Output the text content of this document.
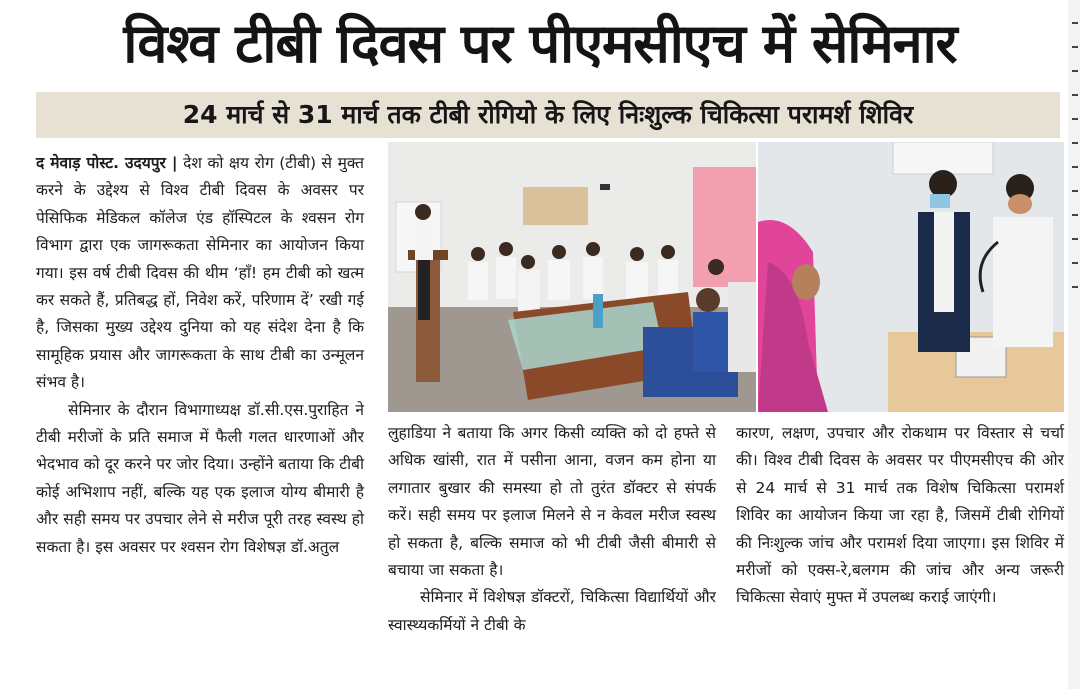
विश्व टीबी दिवस पर पीएमसीएच में सेमिनार
24 मार्च से 31 मार्च तक टीबी रोगियो के लिए निःशुल्क चिकित्सा परामर्श शिविर

द मेवाड़ पोस्ट. उदयपुर | देश को क्षय रोग (टीबी) से मुक्त करने के उद्देश्य से विश्व टीबी दिवस के अवसर पर पेसिफिक मेडिकल कॉलेज एंड हॉस्पिटल के श्वसन रोग विभाग द्वारा एक जागरूकता सेमिनार का आयोजन किया गया। इस वर्ष टीबी दिवस की थीम ‘हाँ! हम टीबी को खत्म कर सकते हैं, प्रतिबद्ध हों, निवेश करें, परिणाम दें’ रखी गई है, जिसका मुख्य उद्देश्य दुनिया को यह संदेश देना है कि सामूहिक प्रयास और जागरूकता के साथ टीबी का उन्मूलन संभव है।

सेमिनार के दौरान विभागाध्यक्ष डॉ.सी.एस.पुराहित ने टीबी मरीजों के प्रति समाज में फैली गलत धारणाओं और भेदभाव को दूर करने पर जोर दिया। उन्होंने बताया कि टीबी कोई अभिशाप नहीं, बल्कि यह एक इलाज योग्य बीमारी है और सही समय पर उपचार लेने से मरीज पूरी तरह स्वस्थ हो सकता है। इस अवसर पर श्वसन रोग विशेषज्ञ डॉ.अतुल

लुहाडिया ने बताया कि अगर किसी व्यक्ति को दो हफ्ते से अधिक खांसी, रात में पसीना आना, वजन कम होना या लगातार बुखार की समस्या हो तो तुरंत डॉक्टर से संपर्क करें। सही समय पर इलाज मिलने से न केवल मरीज स्वस्थ हो सकता है, बल्कि समाज को भी टीबी जैसी बीमारी से बचाया जा सकता है।

सेमिनार में विशेषज्ञ डॉक्टरों, चिकित्सा विद्यार्थियों और स्वास्थ्यकर्मियों ने टीबी के

कारण, लक्षण, उपचार और रोकथाम पर विस्तार से चर्चा की। विश्व टीबी दिवस के अवसर पर पीएमसीएच की ओर से 24 मार्च से 31 मार्च तक विशेष चिकित्सा परामर्श शिविर का आयोजन किया जा रहा है, जिसमें टीबी रोगियों की निःशुल्क जांच और परामर्श दिया जाएगा। इस शिविर में मरीजों को एक्स-रे,बलगम की जांच और अन्य जरूरी चिकित्सा सेवाएं मुफ्त में उपलब्ध कराई जाएंगी।
